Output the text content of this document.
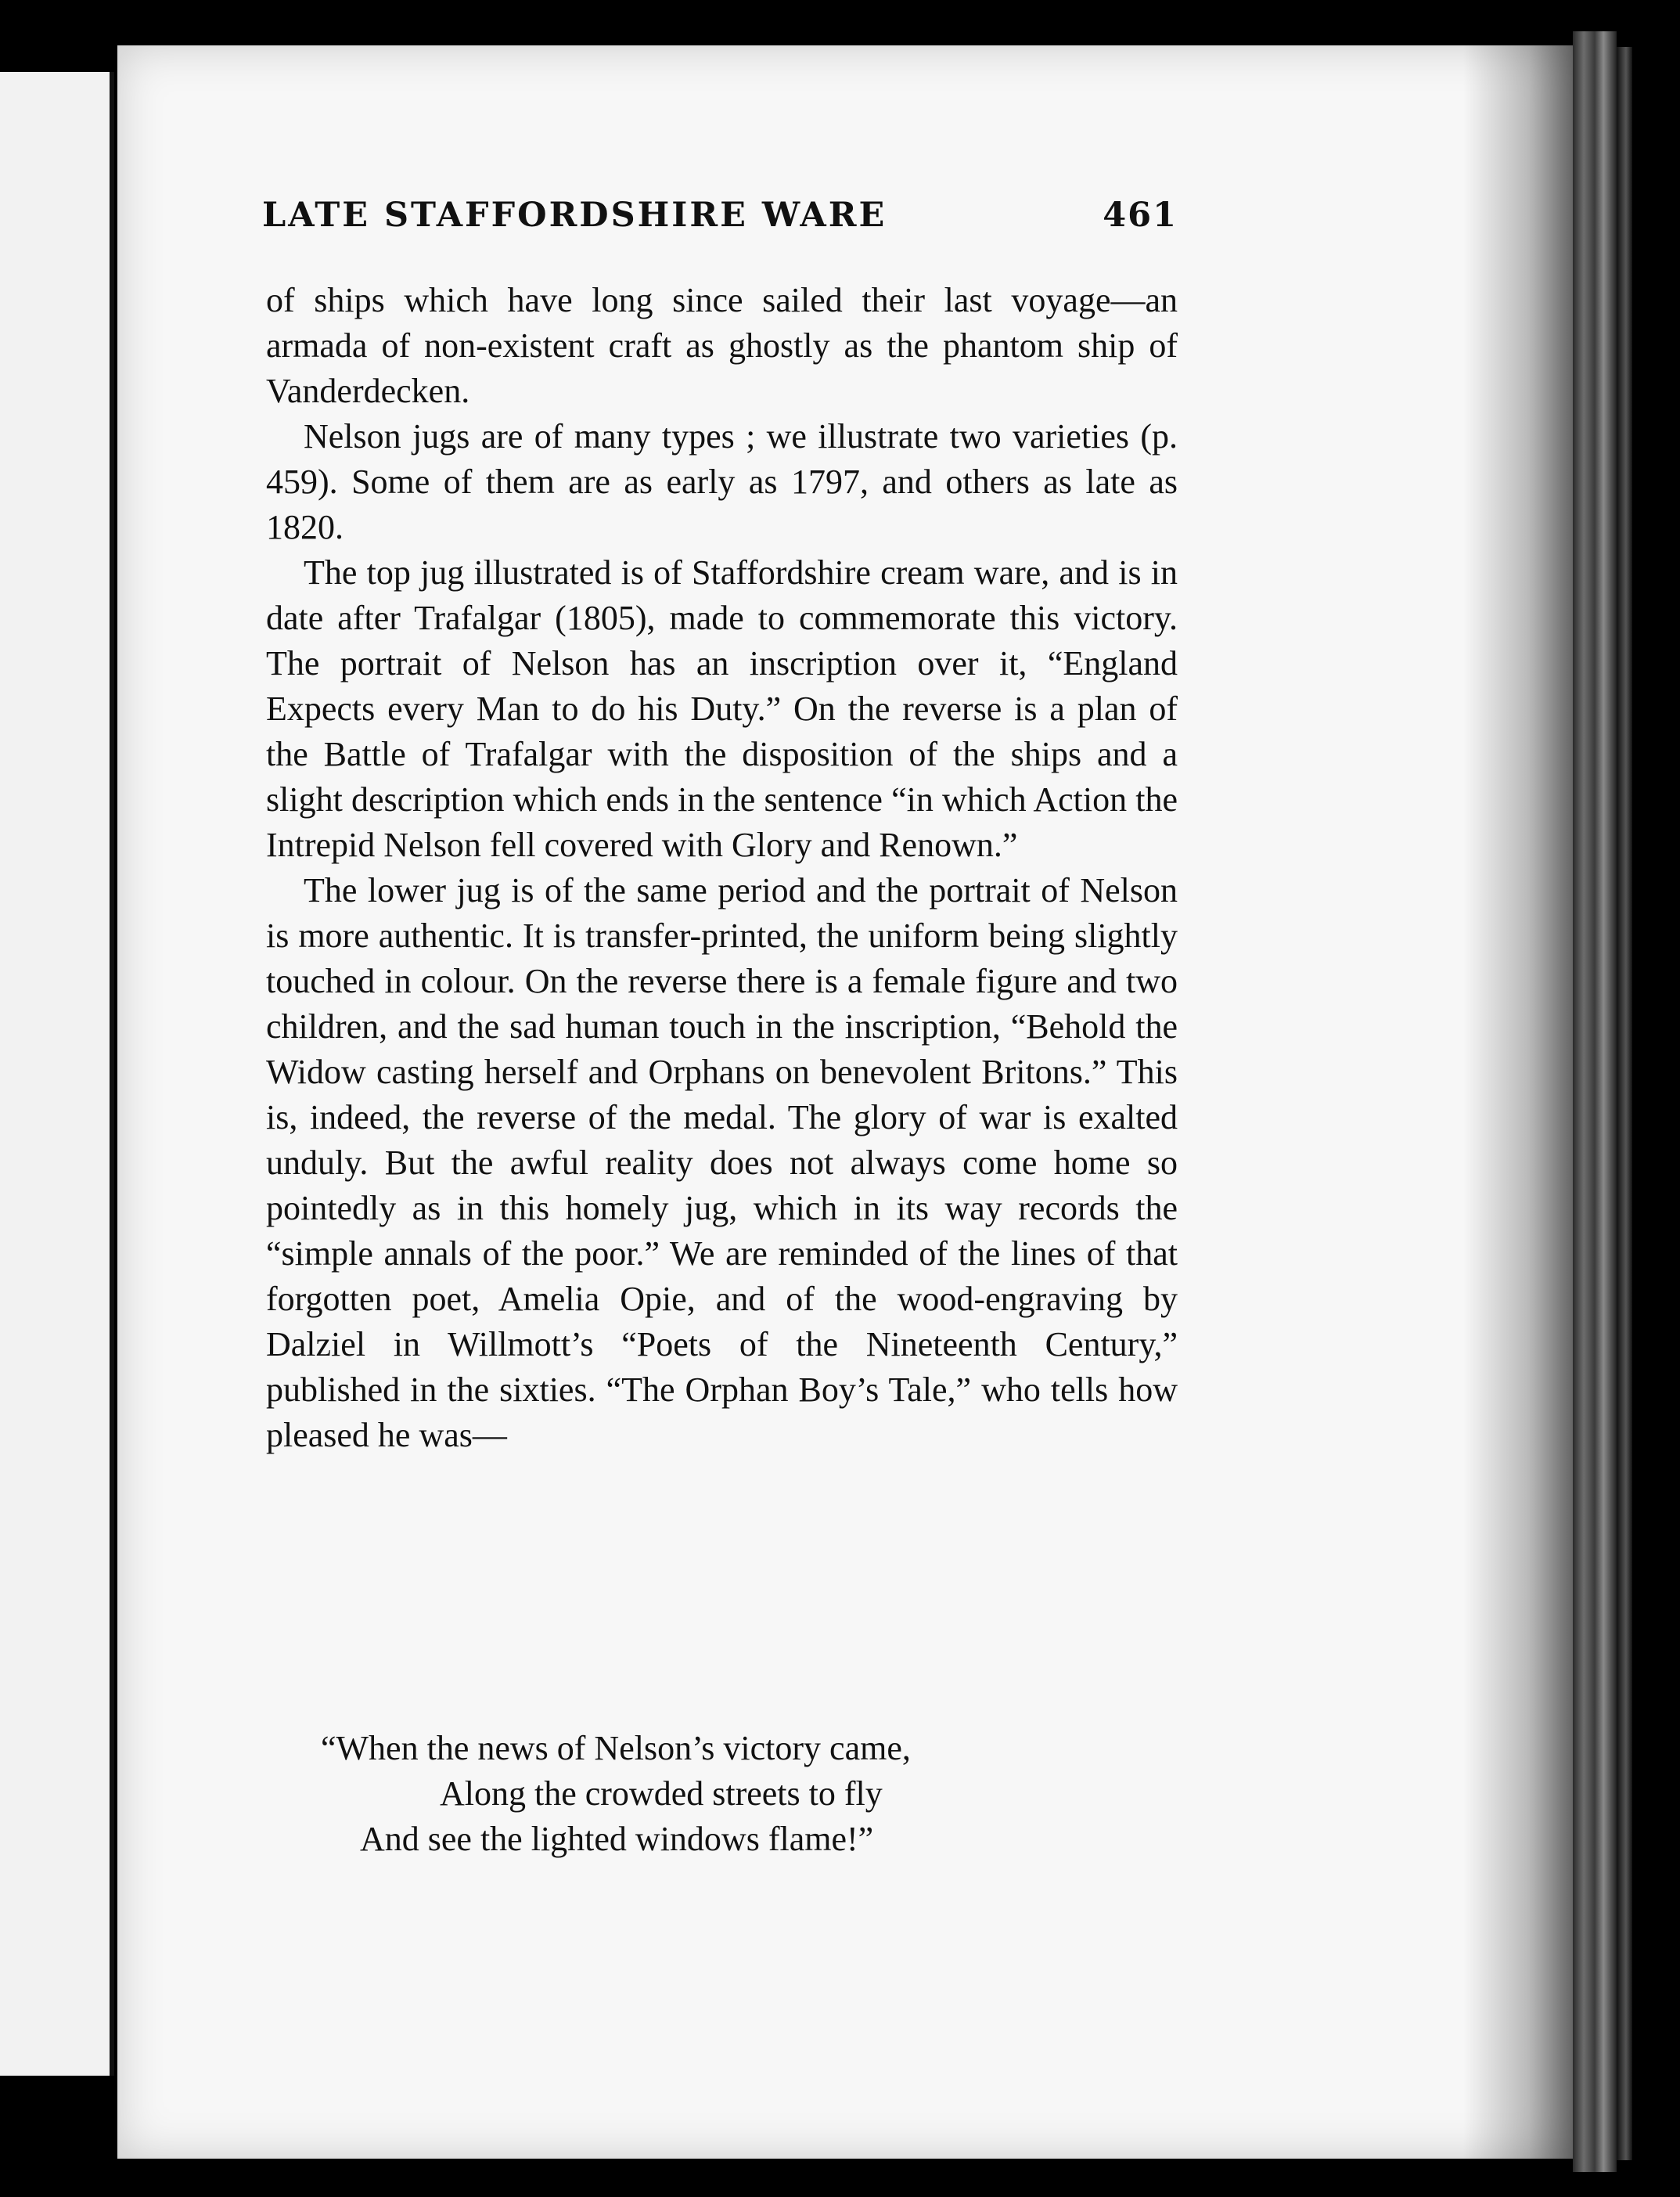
LATE STAFFORDSHIRE WARE	461

of ships which have long since sailed their last voyage—an armada of non-existent craft as ghostly as the phantom ship of Vanderdecken.

Nelson jugs are of many types ; we illustrate two varieties (p. 459). Some of them are as early as 1797, and others as late as 1820.

The top jug illustrated is of Staffordshire cream ware, and is in date after Trafalgar (1805), made to commemorate this victory. The portrait of Nelson has an inscription over it, “England Expects every Man to do his Duty.” On the reverse is a plan of the Battle of Trafalgar with the disposition of the ships and a slight description which ends in the sentence “in which Action the Intrepid Nelson fell covered with Glory and Renown.”

The lower jug is of the same period and the portrait of Nelson is more authentic. It is transfer-printed, the uniform being slightly touched in colour. On the reverse there is a female figure and two children, and the sad human touch in the inscription, “Behold the Widow casting herself and Orphans on benevolent Britons.” This is, indeed, the reverse of the medal. The glory of war is exalted unduly. But the awful reality does not always come home so pointedly as in this homely jug, which in its way records the “simple annals of the poor.” We are reminded of the lines of that forgotten poet, Amelia Opie, and of the wood-engraving by Dalziel in Willmott’s “Poets of the Nineteenth Century,” published in the sixties. “The Orphan Boy’s Tale,” who tells how pleased he was—

“When the news of Nelson’s victory came,
Along the crowded streets to fly
And see the lighted windows flame!”
